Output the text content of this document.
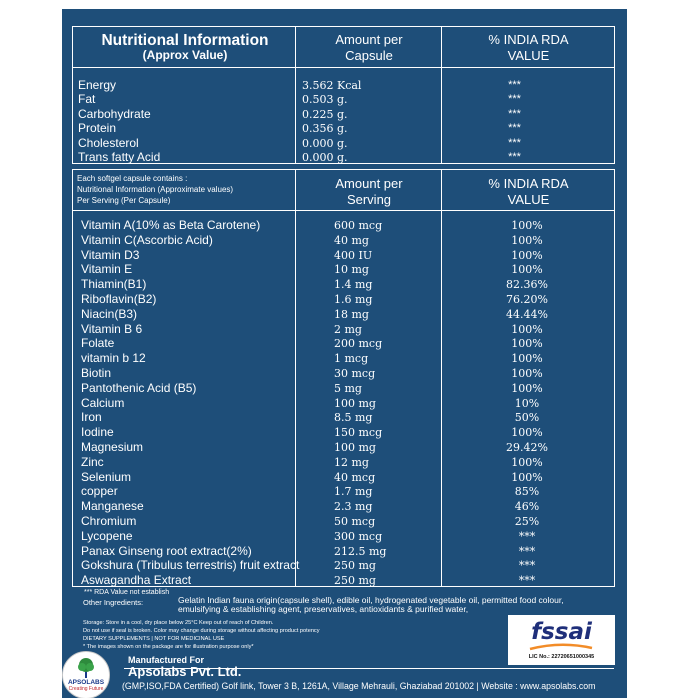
Nutritional Information
(Approx Value)
Amount per
Capsule
% INDIA RDA
VALUE
Energy	3.562 Kcal	***
Fat	0.503 g.	***
Carbohydrate	0.225 g.	***
Protein	0.356 g.	***
Cholesterol	0.000 g.	***
Trans fatty Acid	0.000 g.	***
Each softgel capsule contains :
Nutritional Information (Approximate values)
Per Serving (Per Capsule)
Amount per
Serving
% INDIA RDA
VALUE
Vitamin A(10% as Beta Carotene)	600 mcg	100%
Vitamin C(Ascorbic Acid)	40 mg	100%
Vitamin D3	400 IU	100%
Vitamin E	10 mg	100%
Thiamin(B1)	1.4 mg	82.36%
Riboflavin(B2)	1.6 mg	76.20%
Niacin(B3)	18 mg	44.44%
Vitamin B 6	2 mg	100%
Folate	200 mcg	100%
vitamin b 12	1 mcg	100%
Biotin	30 mcg	100%
Pantothenic Acid (B5)	5 mg	100%
Calcium	100 mg	10%
Iron	8.5 mg	50%
Iodine	150 mcg	100%
Magnesium	100 mg	29.42%
Zinc	12 mg	100%
Selenium	40 mcg	100%
copper	1.7 mg	85%
Manganese	2.3 mg	46%
Chromium	50 mcg	25%
Lycopene	300 mcg	***
Panax Ginseng root extract(2%)	212.5 mg	***
Gokshura (Tribulus terrestris) fruit extract	250 mg	***
Aswagandha Extract	250 mg	***
*** RDA Value not establish
Other Ingredients:	Gelatin Indian fauna origin(capsule shell), edible oil, hydrogenated vegetable oil, permitted food colour, emulsifying & establishing agent, preservatives, antioxidants & purified water,
Storage: Store in a cool, dry place below 25°C Keep out of reach of Children.
Do not use if seal is broken. Color may change during storage without affecting product potency
DIETARY SUPPLEMENTS | NOT FOR MEDICINAL USE
* The images shown on the package are for illustration purpose only*
fssai
LIC No.: 22720651000345
APSOLABS
Creating Future
Manufactured For
Apsolabs Pvt. Ltd.
(GMP,ISO,FDA Certified) Golf link, Tower 3 B, 1261A, Village Mehrauli, Ghaziabad 201002 | Website : www.apsolabs.com
